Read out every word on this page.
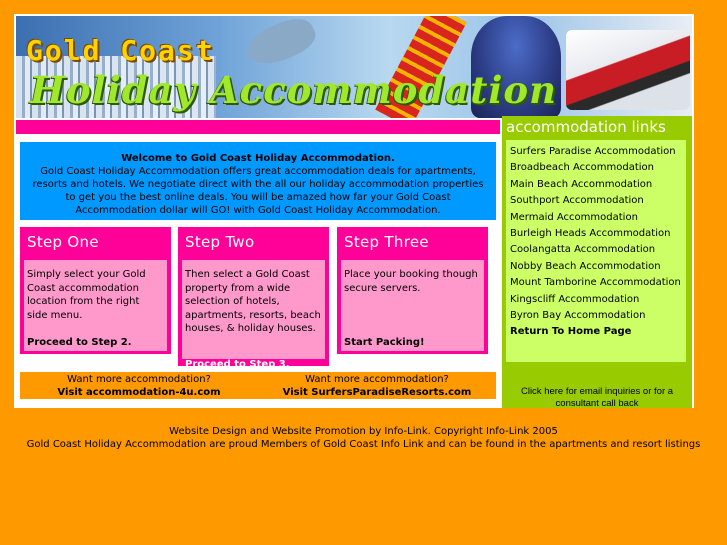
Gold Coast
Holiday Accommodation
Welcome to Gold Coast Holiday Accommodation.
Gold Coast Holiday Accommodation offers great accommodation deals for apartments, resorts and hotels. We negotiate direct with the all our holiday accommodation properties to get you the best online deals. You will be amazed how far your Gold Coast Accommodation dollar will GO! with Gold Coast Holiday Accommodation.
Step One
Simply select your Gold Coast accommodation location from the right side menu.
Proceed to Step 2.
Step Two
Then select a Gold Coast property from a wide selection of hotels, apartments, resorts, beach houses, & holiday houses.
Proceed to Step 3.
Step Three
Place your booking though secure servers.
Start Packing!
Want more accommodation?
Visit accommodation-4u.com
Want more accommodation?
Visit SurfersParadiseResorts.com
accommodation links
Surfers Paradise Accommodation
Broadbeach Accommodation
Main Beach Accommodation
Southport Accommodation
Mermaid Accommodation
Burleigh Heads Accommodation
Coolangatta Accommodation
Nobby Beach Accommodation
Mount Tamborine Accommodation
Kingscliff Accommodation
Byron Bay Accommodation
Return To Home Page
Click here for email inquiries or for a consultant call back
Website Design and Website Promotion by Info-Link. Copyright Info-Link 2005
Gold Coast Holiday Accommodation are proud Members of Gold Coast Info Link and can be found in the apartments and resort listings
